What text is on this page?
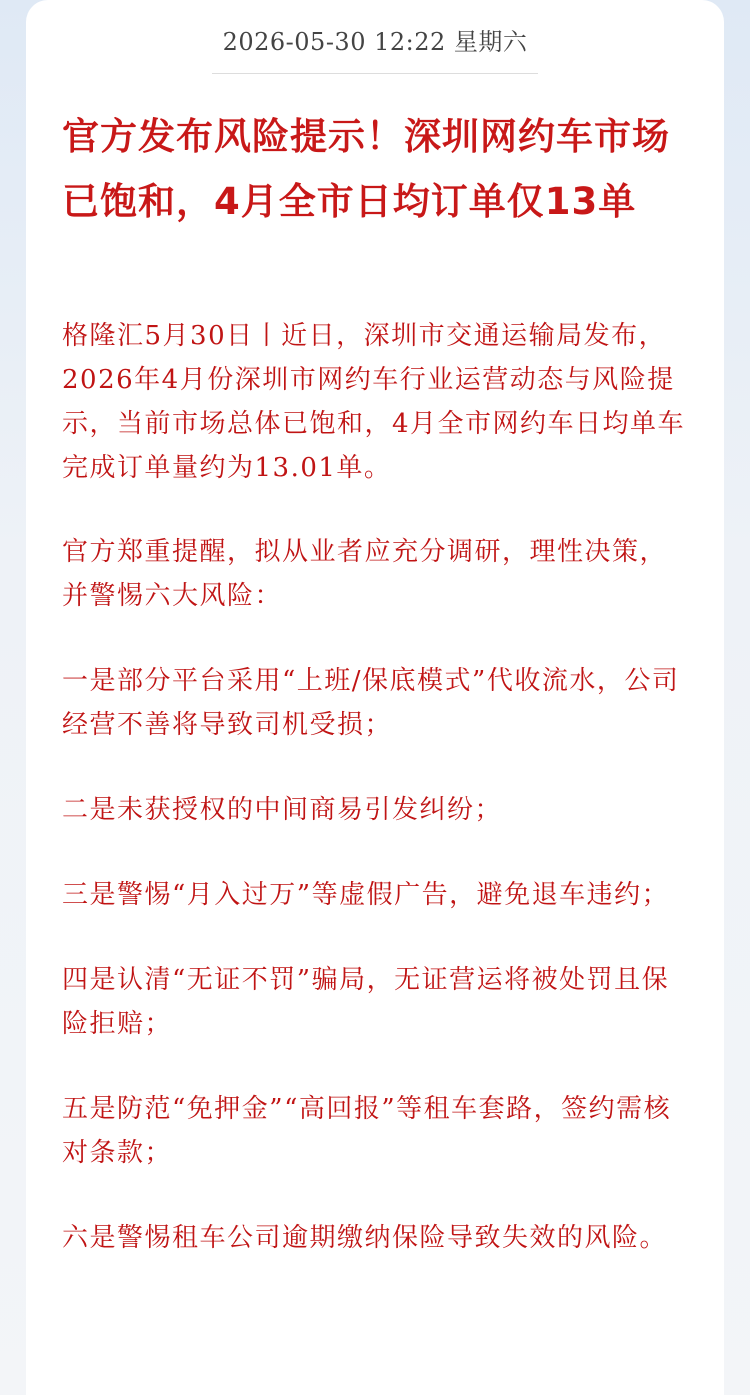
2026-05-30 12:22 星期六
官方发布风险提示！深圳网约车市场已饱和，4月全市日均订单仅13单

格隆汇5月30日丨近日，深圳市交通运输局发布，2026年4月份深圳市网约车行业运营动态与风险提示，当前市场总体已饱和，4月全市网约车日均单车完成订单量约为13.01单。

官方郑重提醒，拟从业者应充分调研，理性决策，并警惕六大风险：

一是部分平台采用“上班/保底模式”代收流水，公司经营不善将导致司机受损；

二是未获授权的中间商易引发纠纷；

三是警惕“月入过万”等虚假广告，避免退车违约；

四是认清“无证不罚”骗局，无证营运将被处罚且保险拒赔；

五是防范“免押金”“高回报”等租车套路，签约需核对条款；

六是警惕租车公司逾期缴纳保险导致失效的风险。
